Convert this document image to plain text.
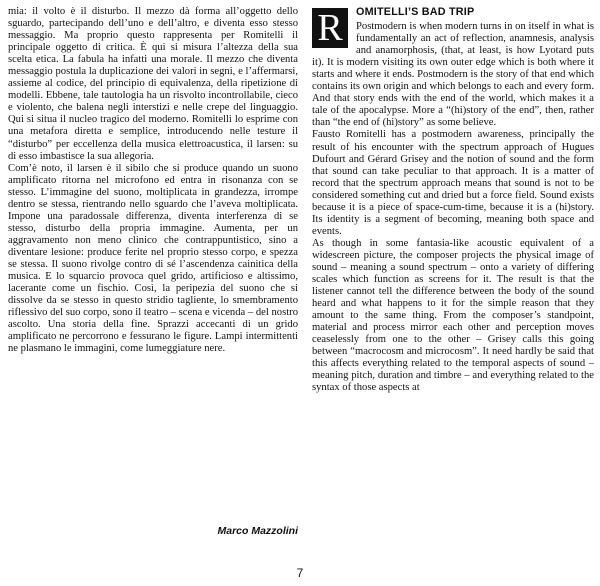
mia: il volto è il disturbo. Il mezzo dà forma all’oggetto dello sguardo, partecipando dell’uno e dell’altro, e diventa esso stesso messaggio. Ma proprio questo rappresenta per Romitelli il principale oggetto di critica. È qui si misura l’altezza della sua scelta etica. La fabula ha infatti una morale. Il mezzo che diventa messaggio postula la duplicazione dei valori in segni, e l’affermarsi, assieme al codice, del principio di equivalenza, della ripetizione di modelli. Ebbene, tale tautologia ha un risvolto incontrollabile, cieco e violento, che balena negli interstizi e nelle crepe del linguaggio. Qui si situa il nucleo tragico del moderno. Romitelli lo esprime con una metafora diretta e semplice, introducendo nelle testure il “disturbo” per eccellenza della musica elettroacustica, il larsen: su di esso imbastisce la sua allegoria.

Com’è noto, il larsen è il sibilo che si produce quando un suono amplificato ritorna nel microfono ed entra in risonanza con se stesso. L’immagine del suono, moltiplicata in grandezza, irrompe dentro se stessa, rientrando nello sguardo che l’aveva moltiplicata. Impone una paradossale differenza, diventa interferenza di se stesso, disturbo della propria immagine. Aumenta, per un aggravamento non meno clinico che contrappuntistico, sino a diventare lesione: produce ferite nel proprio stesso corpo, e spezza se stessa. Il suono rivolge contro di sé l’ascendenza cainitica della musica. E lo squarcio provoca quel grido, artificioso e altissimo, lacerante come un fischio. Così, la peripezia del suono che si dissolve da se stesso in questo stridio tagliente, lo smembramento riflessivo del suo corpo, sono il teatro – scena e vicenda – del nostro ascolto. Una storia della fine. Sprazzi accecanti di un grido amplificato ne percorrono e fessurano le figure. Lampi intermittenti ne plasmano le immagini, come lumeggiature nere.

Marco Mazzolini
R	OMITELLI’S BAD TRIP

Postmodern is when modern turns in on itself in what is fundamentally an act of reflection, anamnesis, analysis and anamorphosis, (that, at least, is how Lyotard puts it). It is modern visiting its own outer edge which is both where it starts and where it ends. Postmodern is the story of that end which contains its own origin and which belongs to each and every form. And that story ends with the end of the world, which makes it a tale of the apocalypse. More a “(hi)story of the end”, then, rather than “the end of (hi)story” as some believe.

Fausto Romitelli has a postmodern awareness, principally the result of his encounter with the spectrum approach of Hugues Dufourt and Gérard Grisey and the notion of sound and the form that sound can take peculiar to that approach. It is a matter of record that the spectrum approach means that sound is not to be considered something cut and dried but a force field. Sound exists because it is a piece of space-cum-time, because it is a (hi)story. Its identity is a segment of becoming, meaning both space and events.

As though in some fantasia-like acoustic equivalent of a widescreen picture, the composer projects the physical image of sound – meaning a sound spectrum – onto a variety of differing scales which function as screens for it. The result is that the listener cannot tell the difference between the body of the sound heard and what happens to it for the simple reason that they amount to the same thing. From the composer’s standpoint, material and process mirror each other and perception moves ceaselessly from one to the other – Grisey calls this going between “macrocosm and microcosm”. It need hardly be said that this affects everything related to the temporal aspects of sound – meaning pitch, duration and timbre – and everything related to the syntax of those aspects at

7
